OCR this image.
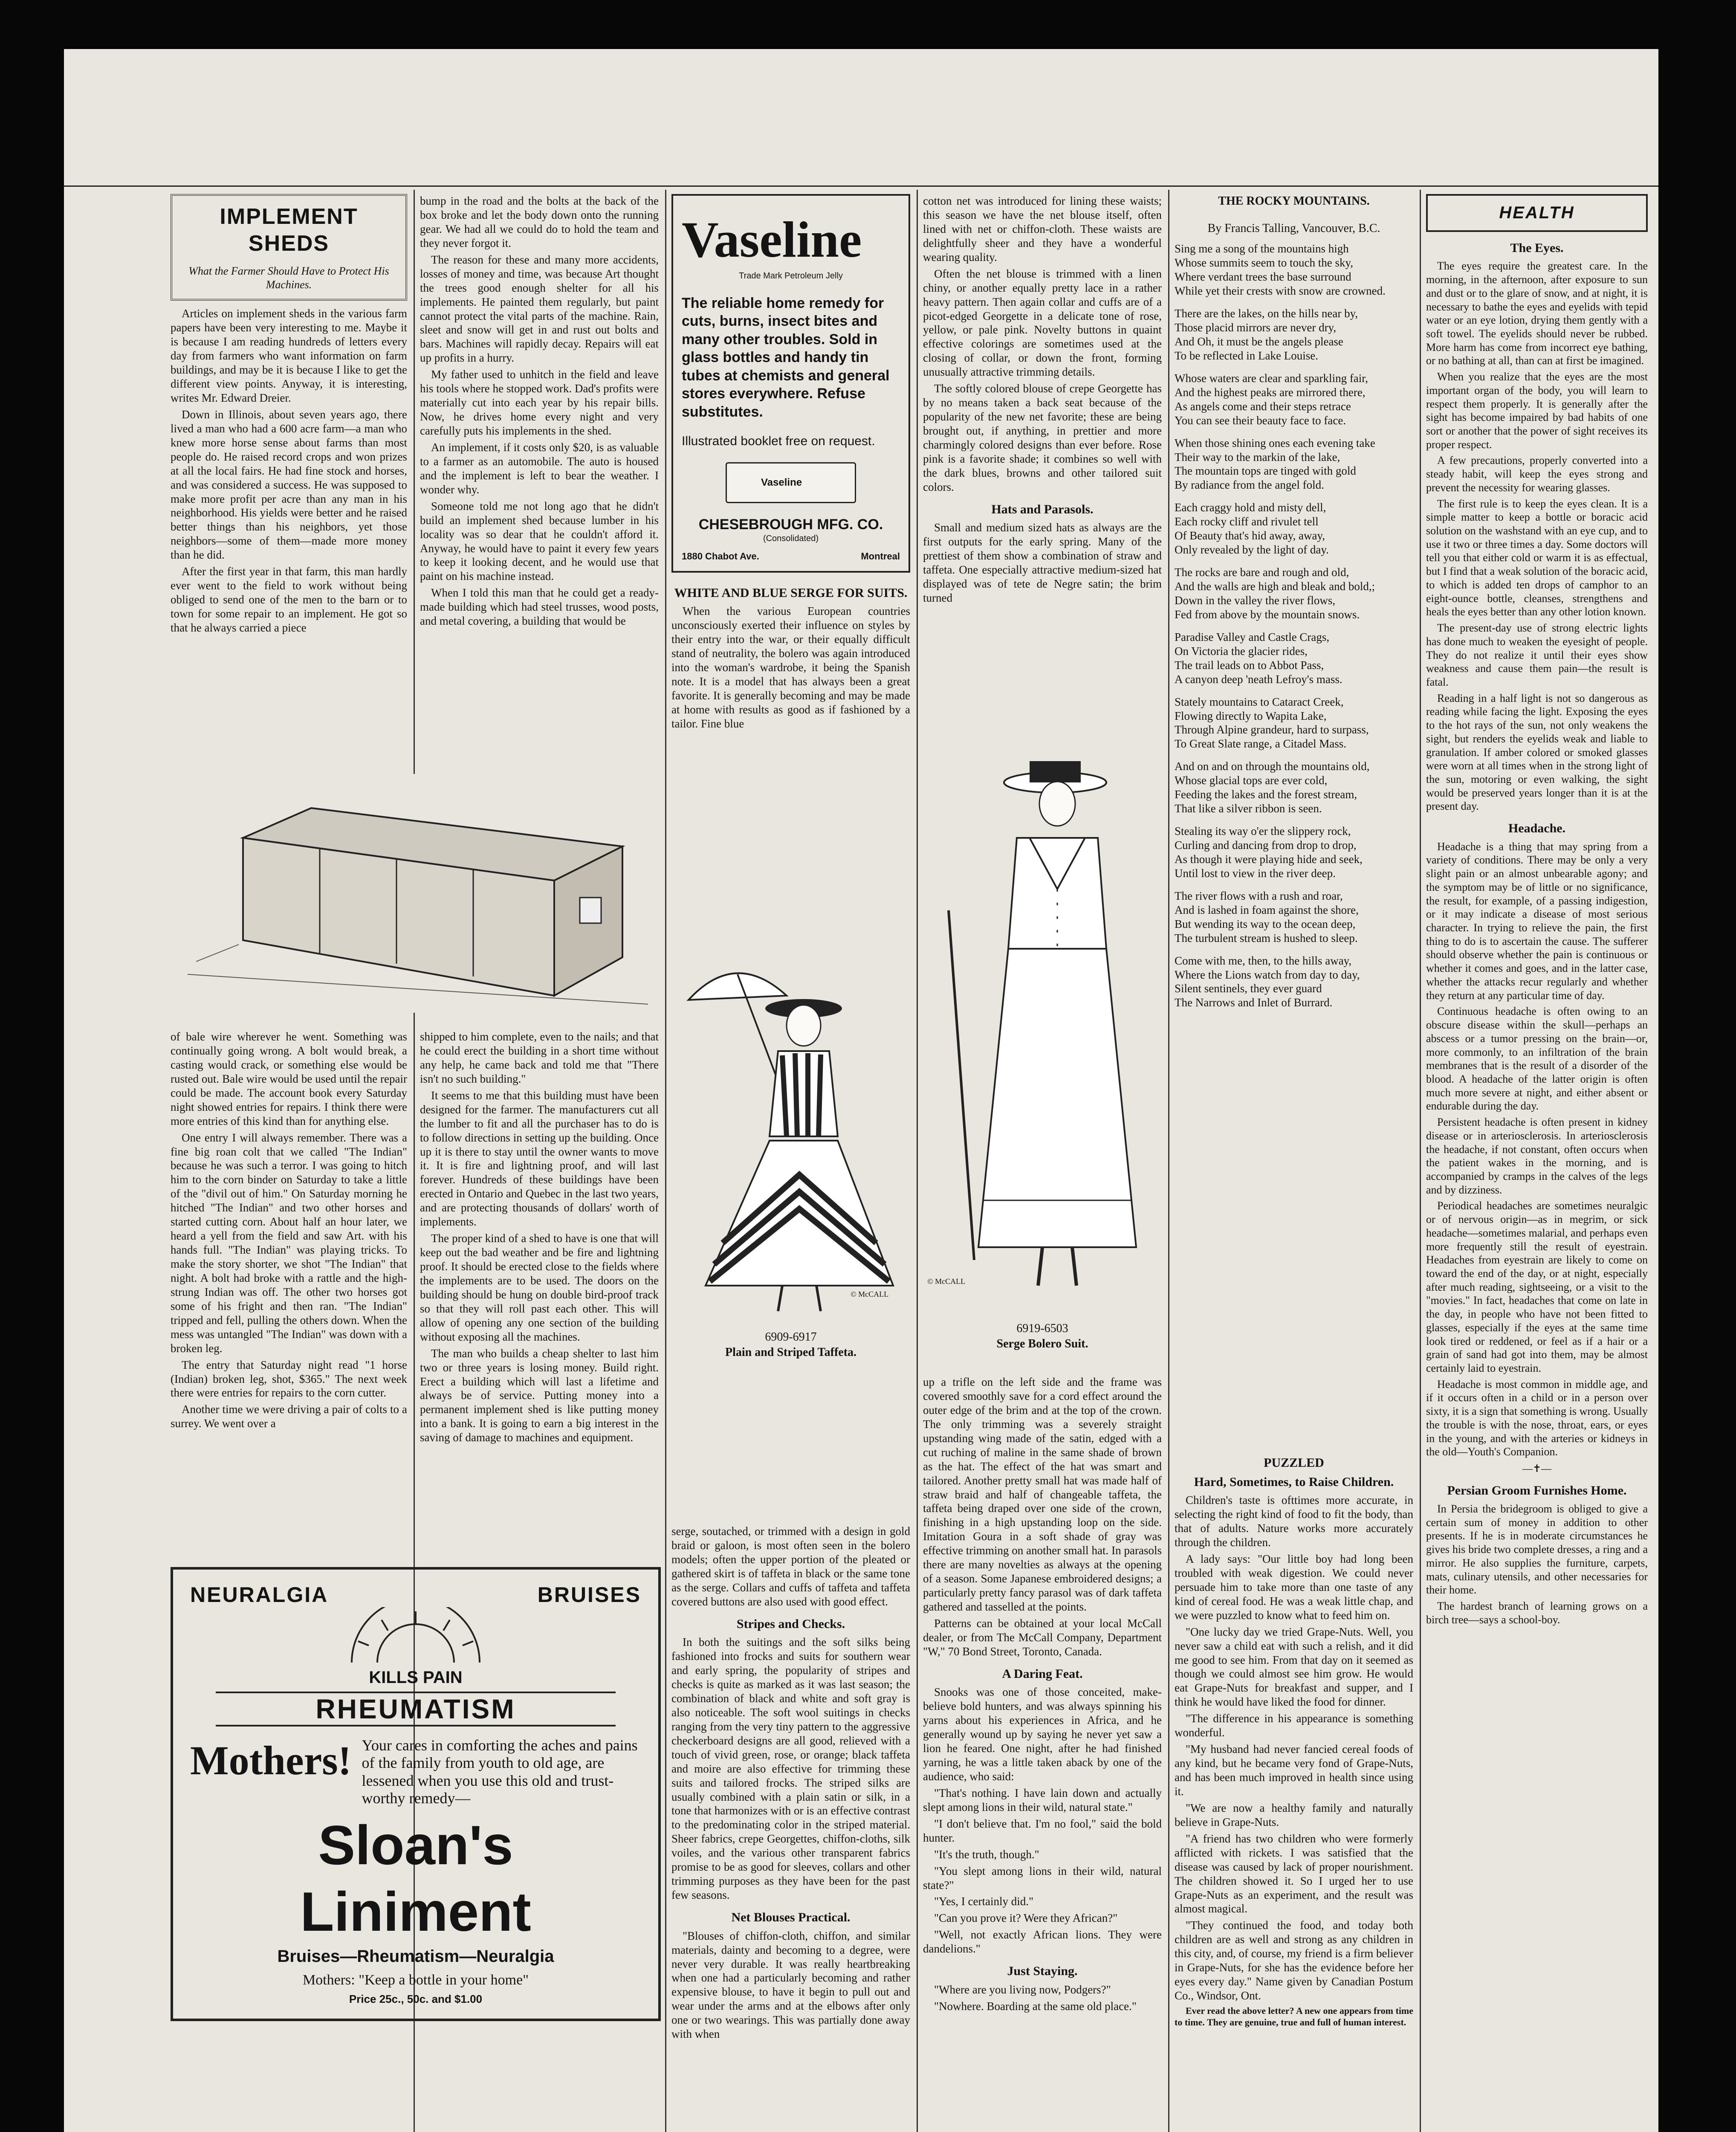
IMPLEMENT SHEDS
What the Farmer Should Have to Protect His Machines.

Articles on implement sheds in the various farm papers have been very interesting to me. Maybe it is because I am reading hundreds of letters every day from farmers who want information on farm buildings, and may be it is because I like to get the different view points. Anyway, it is interesting, writes Mr. Edward Dreier.

Down in Illinois, about seven years ago, there lived a man who had a 600 acre farm—a man who knew more horse sense about farms than most people do. He raised record crops and won prizes at all the local fairs. He had fine stock and horses, and was considered a success. He was supposed to make more profit per acre than any man in his neighborhood. His yields were better and he raised better things than his neighbors, yet those neighbors—some of them—made more money than he did.

After the first year in that farm, this man hardly ever went to the field to work without being obliged to send one of the men to the barn or to town for some repair to an implement. He got so that he always carried a piece

bump in the road and the bolts at the back of the box broke and let the body down onto the running gear. We had all we could do to hold the team and they never forgot it.

The reason for these and many more accidents, losses of money and time, was because Art thought the trees good enough shelter for all his implements. He painted them regularly, but paint cannot protect the vital parts of the machine. Rain, sleet and snow will get in and rust out bolts and bars. Machines will rapidly decay. Repairs will eat up profits in a hurry.

My father used to unhitch in the field and leave his tools where he stopped work. Dad's profits were materially cut into each year by his repair bills. Now, he drives home every night and very carefully puts his implements in the shed.

An implement, if it costs only $20, is as valuable to a farmer as an automobile. The auto is housed and the implement is left to bear the weather. I wonder why.

Someone told me not long ago that he didn't build an implement shed because lumber in his locality was so dear that he couldn't afford it. Anyway, he would have to paint it every few years to keep it looking decent, and he would use that paint on his machine instead.

When I told this man that he could get a ready-made building which had steel trusses, wood posts, and metal covering, a building that would be

of bale wire wherever he went. Something was continually going wrong. A bolt would break, a casting would crack, or something else would be rusted out. Bale wire would be used until the repair could be made. The account book every Saturday night showed entries for repairs. I think there were more entries of this kind than for anything else.

One entry I will always remember. There was a fine big roan colt that we called "The Indian" because he was such a terror. I was going to hitch him to the corn binder on Saturday to take a little of the "divil out of him." On Saturday morning he hitched "The Indian" and two other horses and started cutting corn. About half an hour later, we heard a yell from the field and saw Art. with his hands full. "The Indian" was playing tricks. To make the story shorter, we shot "The Indian" that night. A bolt had broke with a rattle and the high-strung Indian was off. The other two horses got some of his fright and then ran. "The Indian" tripped and fell, pulling the others down. When the mess was untangled "The Indian" was down with a broken leg.

The entry that Saturday night read "1 horse (Indian) broken leg, shot, $365." The next week there were entries for repairs to the corn cutter.

Another time we were driving a pair of colts to a surrey. We went over a

shipped to him complete, even to the nails; and that he could erect the building in a short time without any help, he came back and told me that "There isn't no such building."

It seems to me that this building must have been designed for the farmer. The manufacturers cut all the lumber to fit and all the purchaser has to do is to follow directions in setting up the building. Once up it is there to stay until the owner wants to move it. It is fire and lightning proof, and will last forever. Hundreds of these buildings have been erected in Ontario and Quebec in the last two years, and are protecting thousands of dollars' worth of implements.

The proper kind of a shed to have is one that will keep out the bad weather and be fire and lightning proof. It should be erected close to the fields where the implements are to be used. The doors on the building should be hung on double bird-proof track so that they will roll past each other. This will allow of opening any one section of the building without exposing all the machines.

The man who builds a cheap shelter to last him two or three years is losing money. Build right. Erect a building which will last a lifetime and always be of service. Putting money into a permanent implement shed is like putting money into a bank. It is going to earn a big interest in the saving of damage to machines and equipment.

NEURALGIA	BRUISES
KILLS PAIN
RHEUMATISM
Mothers! Your cares in comforting the aches and pains of the family from youth to old age, are lessened when you use this old and trust-worthy remedy—
Sloan's
Liniment
Bruises—Rheumatism—Neuralgia
Mothers: "Keep a bottle in your home"
Price 25c., 50c. and $1.00
Vaseline
Trade Mark Petroleum Jelly
The reliable home remedy for cuts, burns, insect bites and many other troubles. Sold in glass bottles and handy tin tubes at chemists and general stores everywhere. Refuse substitutes.
Illustrated booklet free on request.
Vaseline
CHESEBROUGH MFG. CO.
(Consolidated)
1880 Chabot Ave.	Montreal
WHITE AND BLUE SERGE FOR SUITS.

When the various European countries unconsciously exerted their influence on styles by their entry into the war, or their equally difficult stand of neutrality, the bolero was again introduced into the woman's wardrobe, it being the Spanish note. It is a model that has always been a great favorite. It is generally becoming and may be made at home with results as good as if fashioned by a tailor. Fine blue

© McCALL
6909-6917
Plain and Striped Taffeta.

serge, soutached, or trimmed with a design in gold braid or galoon, is most often seen in the bolero models; often the upper portion of the pleated or gathered skirt is of taffeta in black or the same tone as the serge. Collars and cuffs of taffeta and taffeta covered buttons are also used with good effect.

Stripes and Checks.

In both the suitings and the soft silks being fashioned into frocks and suits for southern wear and early spring, the popularity of stripes and checks is quite as marked as it was last season; the combination of black and white and soft gray is also noticeable. The soft wool suitings in checks ranging from the very tiny pattern to the aggressive checkerboard designs are all good, relieved with a touch of vivid green, rose, or orange; black taffeta and moire are also effective for trimming these suits and tailored frocks. The striped silks are usually combined with a plain satin or silk, in a tone that harmonizes with or is an effective contrast to the predominating color in the striped material. Sheer fabrics, crepe Georgettes, chiffon-cloths, silk voiles, and the various other transparent fabrics promise to be as good for sleeves, collars and other trimming purposes as they have been for the past few seasons.

Net Blouses Practical.

"Blouses of chiffon-cloth, chiffon, and similar materials, dainty and becoming to a degree, were never very durable. It was really heartbreaking when one had a particularly becoming and rather expensive blouse, to have it begin to pull out and wear under the arms and at the elbows after only one or two wearings. This was partially done away with when

cotton net was introduced for lining these waists; this season we have the net blouse itself, often lined with net or chiffon-cloth. These waists are delightfully sheer and they have a wonderful wearing quality.

Often the net blouse is trimmed with a linen chiny, or another equally pretty lace in a rather heavy pattern. Then again collar and cuffs are of a picot-edged Georgette in a delicate tone of rose, yellow, or pale pink. Novelty buttons in quaint effective colorings are sometimes used at the closing of collar, or down the front, forming unusually attractive trimming details.

The softly colored blouse of crepe Georgette has by no means taken a back seat because of the popularity of the new net favorite; these are being brought out, if anything, in prettier and more charmingly colored designs than ever before. Rose pink is a favorite shade; it combines so well with the dark blues, browns and other tailored suit colors.

Hats and Parasols.

Small and medium sized hats as always are the first outputs for the early spring. Many of the prettiest of them show a combination of straw and taffeta. One especially attractive medium-sized hat displayed was of tete de Negre satin; the brim turned

© McCALL
6919-6503
Serge Bolero Suit.

up a trifle on the left side and the frame was covered smoothly save for a cord effect around the outer edge of the brim and at the top of the crown. The only trimming was a severely straight upstanding wing made of the satin, edged with a cut ruching of maline in the same shade of brown as the hat. The effect of the hat was smart and tailored. Another pretty small hat was made half of straw braid and half of changeable taffeta, the taffeta being draped over one side of the crown, finishing in a high upstanding loop on the side. Imitation Goura in a soft shade of gray was effective trimming on another small hat. In parasols there are many novelties as always at the opening of a season. Some Japanese embroidered designs; a particularly pretty fancy parasol was of dark taffeta gathered and tasselled at the points.

Patterns can be obtained at your local McCall dealer, or from The McCall Company, Department "W," 70 Bond Street, Toronto, Canada.

A Daring Feat.

Snooks was one of those conceited, make-believe bold hunters, and was always spinning his yarns about his experiences in Africa, and he generally wound up by saying he never yet saw a lion he feared. One night, after he had finished yarning, he was a little taken aback by one of the audience, who said:

"That's nothing. I have lain down and actually slept among lions in their wild, natural state."

"I don't believe that. I'm no fool," said the bold hunter.

"It's the truth, though."

"You slept among lions in their wild, natural state?"

"Yes, I certainly did."

"Can you prove it? Were they African?"

"Well, not exactly African lions. They were dandelions."

Just Staying.

"Where are you living now, Podgers?"

"Nowhere. Boarding at the same old place."

THE ROCKY MOUNTAINS.
By Francis Talling, Vancouver, B.C.

Sing me a song of the mountains high
Whose summits seem to touch the sky,
Where verdant trees the base surround
While yet their crests with snow are crowned.

There are the lakes, on the hills near by,
Those placid mirrors are never dry,
And Oh, it must be the angels please
To be reflected in Lake Louise.

Whose waters are clear and sparkling fair,
And the highest peaks are mirrored there,
As angels come and their steps retrace
You can see their beauty face to face.

When those shining ones each evening take
Their way to the markin of the lake,
The mountain tops are tinged with gold
By radiance from the angel fold.

Each craggy hold and misty dell,
Each rocky cliff and rivulet tell
Of Beauty that's hid away, away,
Only revealed by the light of day.

The rocks are bare and rough and old,
And the walls are high and bleak and bold,;
Down in the valley the river flows,
Fed from above by the mountain snows.

Paradise Valley and Castle Crags,
On Victoria the glacier rides,
The trail leads on to Abbot Pass,
A canyon deep 'neath Lefroy's mass.

Stately mountains to Cataract Creek,
Flowing directly to Wapita Lake,
Through Alpine grandeur, hard to surpass,
To Great Slate range, a Citadel Mass.

And on and on through the mountains old,
Whose glacial tops are ever cold,
Feeding the lakes and the forest stream,
That like a silver ribbon is seen.

Stealing its way o'er the slippery rock,
Curling and dancing from drop to drop,
As though it were playing hide and seek,
Until lost to view in the river deep.

The river flows with a rush and roar,
And is lashed in foam against the shore,
But wending its way to the ocean deep,
The turbulent stream is hushed to sleep.

Come with me, then, to the hills away,
Where the Lions watch from day to day,
Silent sentinels, they ever guard
The Narrows and Inlet of Burrard.

PUZZLED
Hard, Sometimes, to Raise Children.

Children's taste is ofttimes more accurate, in selecting the right kind of food to fit the body, than that of adults. Nature works more accurately through the children.

A lady says: "Our little boy had long been troubled with weak digestion. We could never persuade him to take more than one taste of any kind of cereal food. He was a weak little chap, and we were puzzled to know what to feed him on.

"One lucky day we tried Grape-Nuts. Well, you never saw a child eat with such a relish, and it did me good to see him. From that day on it seemed as though we could almost see him grow. He would eat Grape-Nuts for breakfast and supper, and I think he would have liked the food for dinner.

"The difference in his appearance is something wonderful.

"My husband had never fancied cereal foods of any kind, but he became very fond of Grape-Nuts, and has been much improved in health since using it.

"We are now a healthy family and naturally believe in Grape-Nuts.

"A friend has two children who were formerly afflicted with rickets. I was satisfied that the disease was caused by lack of proper nourishment. The children showed it. So I urged her to use Grape-Nuts as an experiment, and the result was almost magical.

"They continued the food, and today both children are as well and strong as any children in this city, and, of course, my friend is a firm believer in Grape-Nuts, for she has the evidence before her eyes every day." Name given by Canadian Postum Co., Windsor, Ont.

Ever read the above letter? A new one appears from time to time. They are genuine, true and full of human interest.

HEALTH
The Eyes.

The eyes require the greatest care. In the morning, in the afternoon, after exposure to sun and dust or to the glare of snow, and at night, it is necessary to bathe the eyes and eyelids with tepid water or an eye lotion, drying them gently with a soft towel. The eyelids should never be rubbed. More harm has come from incorrect eye bathing, or no bathing at all, than can at first be imagined.

When you realize that the eyes are the most important organ of the body, you will learn to respect them properly. It is generally after the sight has become impaired by bad habits of one sort or another that the power of sight receives its proper respect.

A few precautions, properly converted into a steady habit, will keep the eyes strong and prevent the necessity for wearing glasses.

The first rule is to keep the eyes clean. It is a simple matter to keep a bottle or boracic acid solution on the washstand with an eye cup, and to use it two or three times a day. Some doctors will tell you that either cold or warm it is as effectual, but I find that a weak solution of the boracic acid, to which is added ten drops of camphor to an eight-ounce bottle, cleanses, strengthens and heals the eyes better than any other lotion known.

The present-day use of strong electric lights has done much to weaken the eyesight of people. They do not realize it until their eyes show weakness and cause them pain—the result is fatal.

Reading in a half light is not so dangerous as reading while facing the light. Exposing the eyes to the hot rays of the sun, not only weakens the sight, but renders the eyelids weak and liable to granulation. If amber colored or smoked glasses were worn at all times when in the strong light of the sun, motoring or even walking, the sight would be preserved years longer than it is at the present day.

Headache.

Headache is a thing that may spring from a variety of conditions. There may be only a very slight pain or an almost unbearable agony; and the symptom may be of little or no significance, the result, for example, of a passing indigestion, or it may indicate a disease of most serious character. In trying to relieve the pain, the first thing to do is to ascertain the cause. The sufferer should observe whether the pain is continuous or whether it comes and goes, and in the latter case, whether the attacks recur regularly and whether they return at any particular time of day.

Continuous headache is often owing to an obscure disease within the skull—perhaps an abscess or a tumor pressing on the brain—or, more commonly, to an infiltration of the brain membranes that is the result of a disorder of the blood. A headache of the latter origin is often much more severe at night, and either absent or endurable during the day.

Persistent headache is often present in kidney disease or in arteriosclerosis. In arteriosclerosis the headache, if not constant, often occurs when the patient wakes in the morning, and is accompanied by cramps in the calves of the legs and by dizziness.

Periodical headaches are sometimes neuralgic or of nervous origin—as in megrim, or sick headache—sometimes malarial, and perhaps even more frequently still the result of eyestrain. Headaches from eyestrain are likely to come on toward the end of the day, or at night, especially after much reading, sightseeing, or a visit to the "movies." In fact, headaches that come on late in the day, in people who have not been fitted to glasses, especially if the eyes at the same time look tired or reddened, or feel as if a hair or a grain of sand had got into them, may be almost certainly laid to eyestrain.

Headache is most common in middle age, and if it occurs often in a child or in a person over sixty, it is a sign that something is wrong. Usually the trouble is with the nose, throat, ears, or eyes in the young, and with the arteries or kidneys in the old—Youth's Companion.

—✝—
Persian Groom Furnishes Home.

In Persia the bridegroom is obliged to give a certain sum of money in addition to other presents. If he is in moderate circumstances he gives his bride two complete dresses, a ring and a mirror. He also supplies the furniture, carpets, mats, culinary utensils, and other necessaries for their home.

The hardest branch of learning grows on a birch tree—says a school-boy.
